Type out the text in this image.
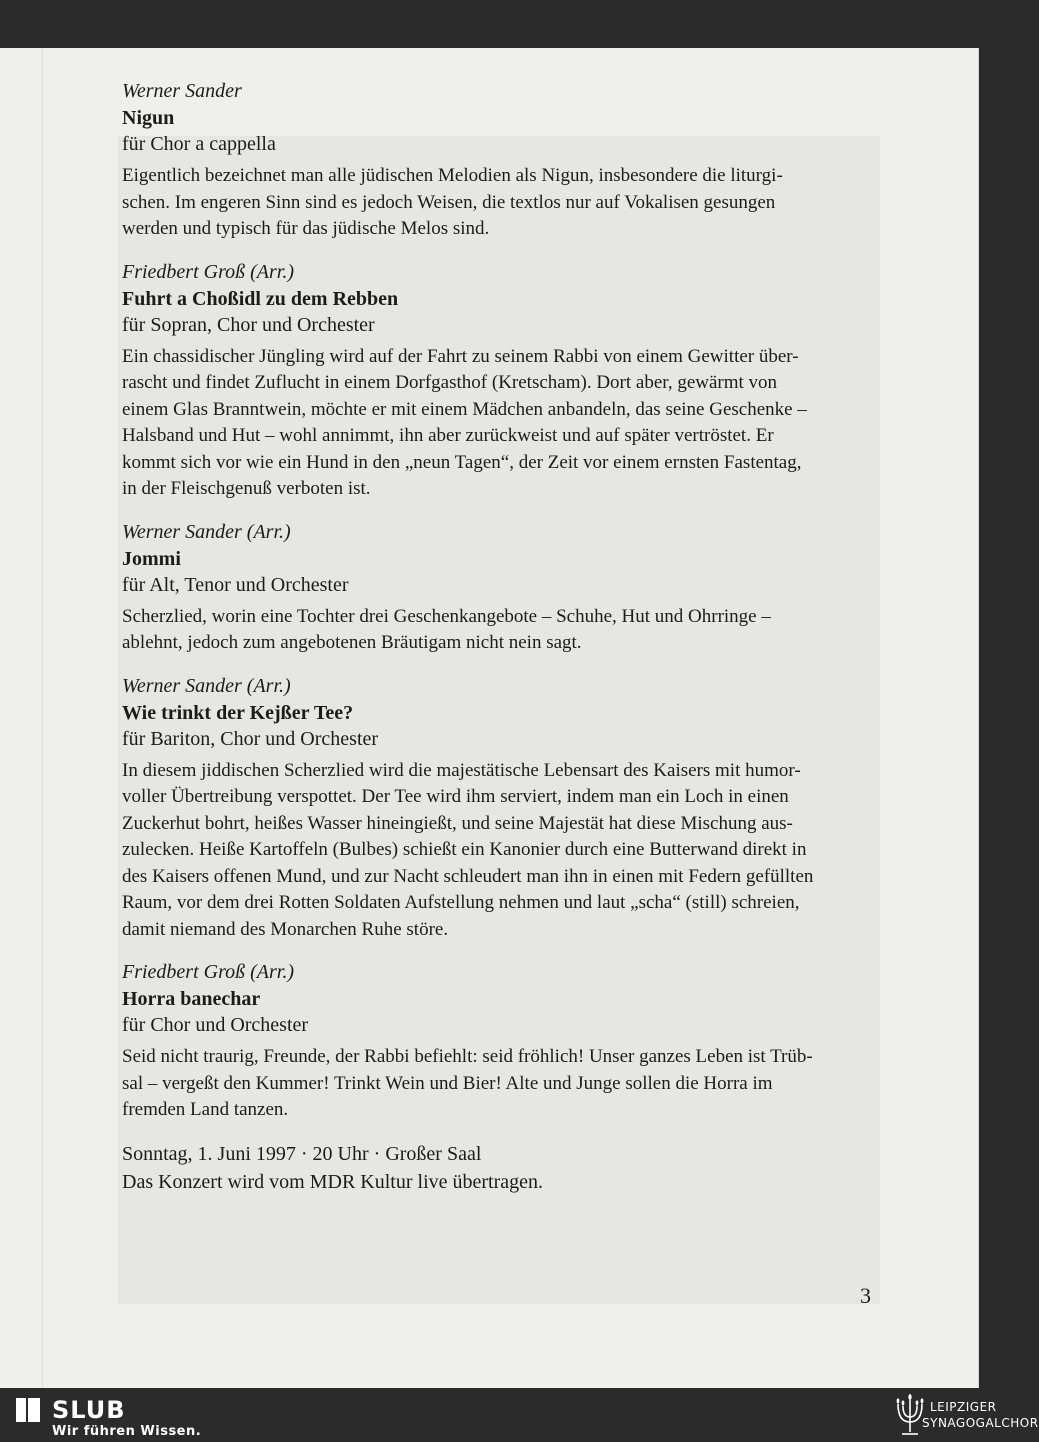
Werner Sander
Nigun
für Chor a cappella
Eigentlich bezeichnet man alle jüdischen Melodien als Nigun, insbesondere die liturgi-
schen. Im engeren Sinn sind es jedoch Weisen, die textlos nur auf Vokalisen gesungen
werden und typisch für das jüdische Melos sind.
Friedbert Groß (Arr.)
Fuhrt a Choßidl zu dem Rebben
für Sopran, Chor und Orchester
Ein chassidischer Jüngling wird auf der Fahrt zu seinem Rabbi von einem Gewitter über-
rascht und findet Zuflucht in einem Dorfgasthof (Kretscham). Dort aber, gewärmt von
einem Glas Branntwein, möchte er mit einem Mädchen anbandeln, das seine Geschenke –
Halsband und Hut – wohl annimmt, ihn aber zurückweist und auf später vertröstet. Er
kommt sich vor wie ein Hund in den „neun Tagen“, der Zeit vor einem ernsten Fastentag,
in der Fleischgenuß verboten ist.
Werner Sander (Arr.)
Jommi
für Alt, Tenor und Orchester
Scherzlied, worin eine Tochter drei Geschenkangebote – Schuhe, Hut und Ohrringe –
ablehnt, jedoch zum angebotenen Bräutigam nicht nein sagt.
Werner Sander (Arr.)
Wie trinkt der Kejßer Tee?
für Bariton, Chor und Orchester
In diesem jiddischen Scherzlied wird die majestätische Lebensart des Kaisers mit humor-
voller Übertreibung verspottet. Der Tee wird ihm serviert, indem man ein Loch in einen
Zuckerhut bohrt, heißes Wasser hineingießt, und seine Majestät hat diese Mischung aus-
zulecken. Heiße Kartoffeln (Bulbes) schießt ein Kanonier durch eine Butterwand direkt in
des Kaisers offenen Mund, und zur Nacht schleudert man ihn in einen mit Federn gefüllten
Raum, vor dem drei Rotten Soldaten Aufstellung nehmen und laut „scha“ (still) schreien,
damit niemand des Monarchen Ruhe störe.
Friedbert Groß (Arr.)
Horra banechar
für Chor und Orchester
Seid nicht traurig, Freunde, der Rabbi befiehlt: seid fröhlich! Unser ganzes Leben ist Trüb-
sal – vergeßt den Kummer! Trinkt Wein und Bier! Alte und Junge sollen die Horra im
fremden Land tanzen.
Sonntag, 1. Juni 1997 · 20 Uhr · Großer Saal
Das Konzert wird vom MDR Kultur live übertragen.
3
SLUB
Wir führen Wissen.
LEIPZIGER
SYNAGOGALCHOR
